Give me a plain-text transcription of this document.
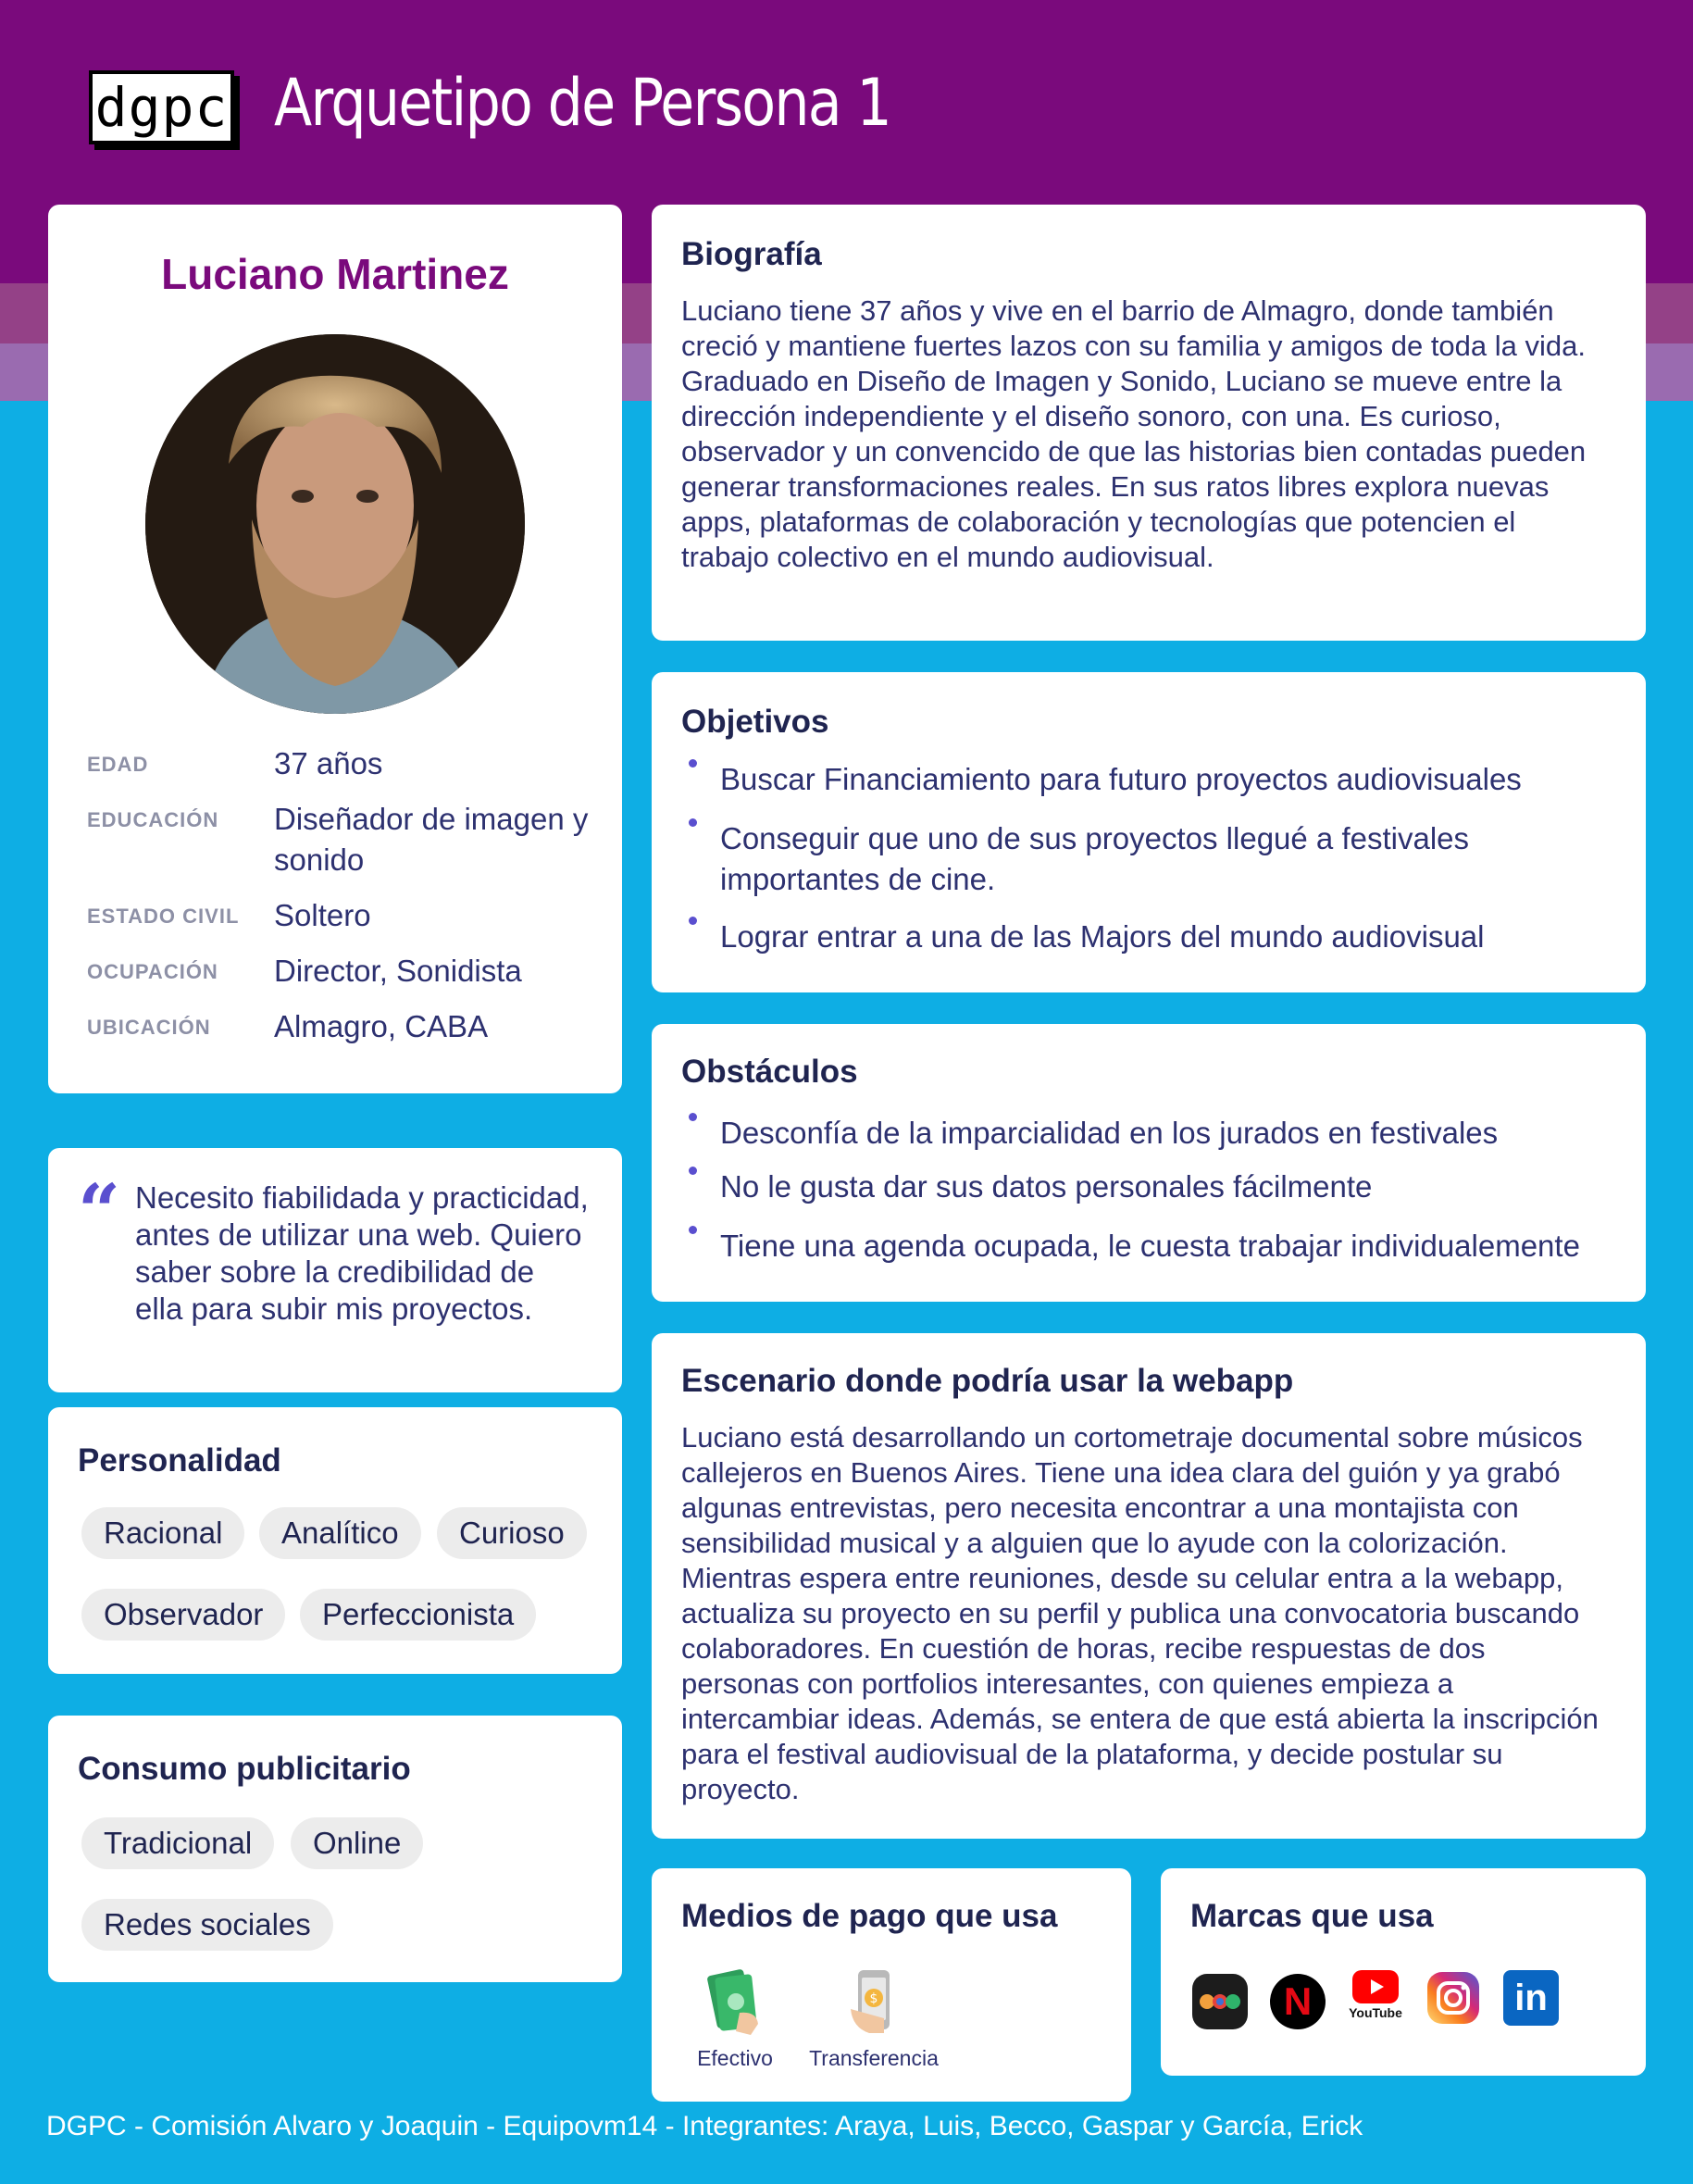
dgpc Arquetipo de Persona 1
Luciano Martinez
EDAD	37 años
EDUCACIÓN Diseñador de imagen y sonido
ESTADO CIVIL Soltero
OCUPACIÓN Director, Sonidista
UBICACIÓN Almagro, CABA
“ Necesito fiabilidada y practicidad, antes de utilizar una web. Quiero saber sobre la credibilidad de ella para subir mis proyectos.
Personalidad
Racional	Analítico	Curioso
Observador	Perfeccionista
Consumo publicitario
Tradicional	Online
Redes sociales
Biografía
Luciano tiene 37 años y vive en el barrio de Almagro, donde también creció y mantiene fuertes lazos con su familia y amigos de toda la vida. Graduado en Diseño de Imagen y Sonido, Luciano se mueve entre la dirección independiente y el diseño sonoro, con una. Es curioso, observador y un convencido de que las historias bien contadas pueden generar transformaciones reales. En sus ratos libres explora nuevas apps, plataformas de colaboración y tecnologías que potencien el trabajo colectivo en el mundo audiovisual.
Objetivos
Buscar Financiamiento para futuro proyectos audiovisuales
Conseguir que uno de sus proyectos llegué a festivales importantes de cine.
Lograr entrar a una de las Majors del mundo audiovisual
Obstáculos
Desconfía de la imparcialidad en los jurados en festivales
No le gusta dar sus datos personales fácilmente
Tiene una agenda ocupada, le cuesta trabajar individualemente
Escenario donde podría usar la webapp
Luciano está desarrollando un cortometraje documental sobre músicos callejeros en Buenos Aires. Tiene una idea clara del guión y ya grabó algunas entrevistas, pero necesita encontrar a una montajista con sensibilidad musical y a alguien que lo ayude con la colorización. Mientras espera entre reuniones, desde su celular entra a la webapp, actualiza su proyecto en su perfil y publica una convocatoria buscando colaboradores. En cuestión de horas, recibe respuestas de dos personas con portfolios interesantes, con quienes empieza a intercambiar ideas. Además, se entera de que está abierta la inscripción para el festival audiovisual de la plataforma, y decide postular su proyecto.
Medios de pago que usa
Efectivo
$
Transferencia
Marcas que usa
N	YouTube	in
DGPC - Comisión Alvaro y Joaquin - Equipovm14 - Integrantes: Araya, Luis, Becco, Gaspar y García, Erick
